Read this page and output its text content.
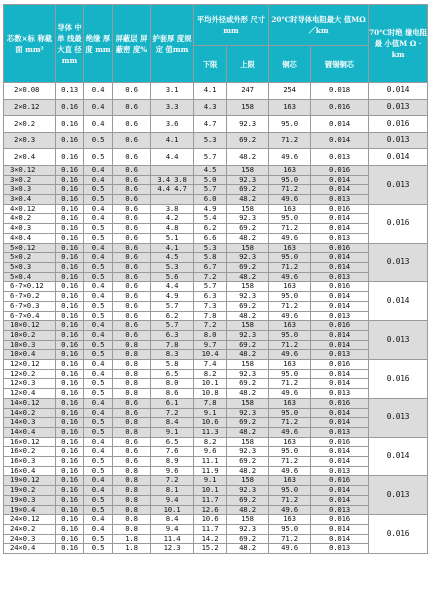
芯数×标 称截面 mm²	导体 中单 线最 大直 径mm	绝缘 厚度 mm	屏蔽层 屏蔽密 度%	护套厚 度规定 值mm	平均外径或外形 尺寸mm		20℃时导体电阻最大 值MΩ／km		70℃时绝 缘电阻最 小值M Ω · km
					下限	上限	铜芯	镀锡铜芯	
2×0.08	0.13	0.4	0.6	3.1	4.1	247	254	0.018	0.014
2×0.12	0.16	0.4	0.6	3.3	4.3	158	163	0.016	0.013
2×0.2	0.16	0.4	0.6	3.6	4.7	92.3	95.0	0.014	0.016
2×0.3	0.16	0.5	0.6	4.1	5.3	69.2	71.2	0.014	0.013
2×0.4	0.16	0.5	0.6	4.4	5.7	48.2	49.6	0.013	0.014
3×0.12	0.16	0.4	0.6		4.5	158	163	0.016	0.013
3×0.2	0.16	0.4	0.6	3.4 3.8	5.0	92.3	95.0	0.014	
3×0.3	0.16	0.5	0.6	4.4 4.7	5.7	69.2	71.2	0.014	
3×0.4	0.16	0.5	0.6		6.0	48.2	49.6	0.013	
4×0.12	0.16	0.4	0.6	3.8	4.9	158	163	0.016	0.016
4×0.2	0.16	0.4	0.6	4.2	5.4	92.3	95.0	0.014	
4×0.3	0.16	0.5	0.6	4.8	6.2	69.2	71.2	0.014	
4×0.4	0.16	0.5	0.6	5.1	6.6	48.2	49.6	0.013	
5×0.12	0.16	0.4	0.6	4.1	5.3	158	163	0.016	0.013
5×0.2	0.16	0.4	0.6	4.5	5.8	92.3	95.0	0.014	
5×0.3	0.16	0.5	0.6	5.3	6.7	69.2	71.2	0.014	
5×0.4	0.16	0.5	0.6	5.6	7.2	48.2	49.6	0.013	
6-7×0.12	0.16	0.4	0.6	4.4	5.7	158	163	0.016	0.014
6-7×0.2	0.16	0.4	0.6	4.9	6.3	92.3	95.0	0.014	
6-7×0.3	0.16	0.5	0.6	5.7	7.3	69.2	71.2	0.014	
6-7×0.4	0.16	0.5	0.6	6.2	7.8	48.2	49.6	0.013	
10×0.12	0.16	0.4	0.6	5.7	7.2	158	163	0.016	0.013
10×0.2	0.16	0.4	0.6	6.3	8.0	92.3	95.0	0.014	
10×0.3	0.16	0.5	0.8	7.8	9.7	69.2	71.2	0.014	
10×0.4	0.16	0.5	0.8	8.3	10.4	48.2	49.6	0.013	
12×0.12	0.16	0.4	0.8	5.8	7.4	158	163	0.016	0.016
12×0.2	0.16	0.4	0.8	6.5	8.2	92.3	95.0	0.014	
12×0.3	0.16	0.5	0.8	8.0	10.1	69.2	71.2	0.014	
12×0.4	0.16	0.5	0.8	8.6	10.8	48.2	49.6	0.013	
14×0.12	0.16	0.4	0.6	6.1	7.8	158	163	0.016	0.013
14×0.2	0.16	0.4	0.6	7.2	9.1	92.3	95.0	0.014	
14×0.3	0.16	0.5	0.8	8.4	10.6	69.2	71.2	0.014	
14×0.4	0.16	0.5	0.8	9.1	11.3	48.2	49.6	0.013	
16×0.12	0.16	0.4	0.6	6.5	8.2	158	163	0.016	0.014
16×0.2	0.16	0.4	0.6	7.6	9.6	92.3	95.0	0.014	
16×0.3	0.16	0.5	0.6	8.9	11.1	69.2	71.2	0.014	
16×0.4	0.16	0.5	0.8	9.6	11.9	48.2	49.6	0.013	
19×0.12	0.16	0.4	0.8	7.2	9.1	158	163	0.016	0.013
19×0.2	0.16	0.4	0.8	8.1	10.1	92.3	95.0	0.014	
19×0.3	0.16	0.5	0.8	9.4	11.7	69.2	71.2	0.014	
19×0.4	0.16	0.5	0.8	10.1	12.6	48.2	49.6	0.013	
24×0.12	0.16	0.4	0.8	8.4	10.6	158	163	0.016	0.016
24×0.2	0.16	0.4	0.8	9.4	11.7	92.3	95.0	0.014	
24×0.3	0.16	0.5	1.8	11.4	14.2	69.2	71.2	0.014	
24×0.4	0.16	0.5	1.8	12.3	15.2	48.2	49.6	0.013	
